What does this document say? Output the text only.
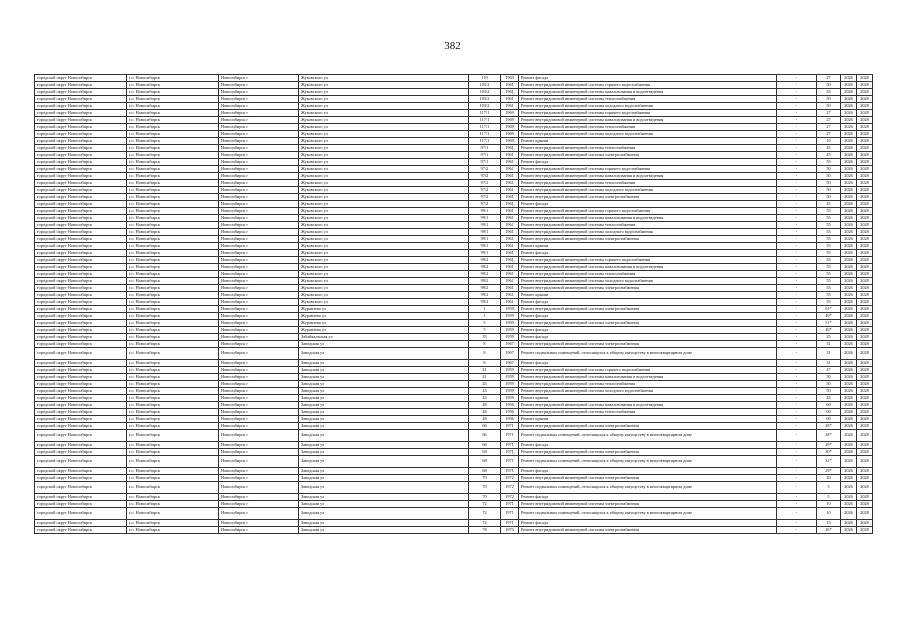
382
городской округ Новосибирск	г.о. Новосибирск	Новосибирск г	Жуковского ул	119	1963	Ремонт фасада	-	27	2026	2028
городской округ Новосибирск	г.о. Новосибирск	Новосибирск г	Жуковского ул	103/2	1961	Ремонт внутридомовой инженерной системы горячего водоснабжения	-	50	2026	2028
городской округ Новосибирск	г.о. Новосибирск	Новосибирск г	Жуковского ул	103/2	1961	Ремонт внутридомовой инженерной системы канализования и водоотведения	-	55	2026	2028
городской округ Новосибирск	г.о. Новосибирск	Новосибирск г	Жуковского ул	103/2	1961	Ремонт внутридомовой инженерной системы теплоснабжения	-	50	2026	2028
городской округ Новосибирск	г.о. Новосибирск	Новосибирск г	Жуковского ул	103/2	1961	Ремонт внутридомовой инженерной системы холодного водоснабжения	-	50	2026	2028
городской округ Новосибирск	г.о. Новосибирск	Новосибирск г	Жуковского ул	117/1	1969	Ремонт внутридомовой инженерной системы горячего водоснабжения	-	27	2026	2028
городской округ Новосибирск	г.о. Новосибирск	Новосибирск г	Жуковского ул	117/1	1969	Ремонт внутридомовой инженерной системы канализования и водоотведения	-	27	2026	2028
городской округ Новосибирск	г.о. Новосибирск	Новосибирск г	Жуковского ул	117/1	1969	Ремонт внутридомовой инженерной системы теплоснабжения	-	27	2026	2028
городской округ Новосибирск	г.о. Новосибирск	Новосибирск г	Жуковского ул	117/1	1969	Ремонт внутридомовой инженерной системы холодного водоснабжения	-	27	2026	2028
городской округ Новосибирск	г.о. Новосибирск	Новосибирск г	Жуковского ул	117/1	1969	Ремонт крыши	-	10	2026	2028
городской округ Новосибирск	г.о. Новосибирск	Новосибирск г	Жуковского ул	97/1	1961	Ремонт внутридомовой инженерной системы теплоснабжения	-	45	2026	2028
городской округ Новосибирск	г.о. Новосибирск	Новосибирск г	Жуковского ул	97/1	1961	Ремонт внутридомовой инженерной системы электроснабжения	-	45	2026	2028
городской округ Новосибирск	г.о. Новосибирск	Новосибирск г	Жуковского ул	97/1	1961	Ремонт фасада	-	55	2026	2028
городской округ Новосибирск	г.о. Новосибирск	Новосибирск г	Жуковского ул	97/2	1961	Ремонт внутридомовой инженерной системы горячего водоснабжения	-	50	2026	2028
городской округ Новосибирск	г.о. Новосибирск	Новосибирск г	Жуковского ул	97/2	1961	Ремонт внутридомовой инженерной системы канализования и водоотведения	-	50	2026	2028
городской округ Новосибирск	г.о. Новосибирск	Новосибирск г	Жуковского ул	97/2	1961	Ремонт внутридомовой инженерной системы теплоснабжения	-	50	2026	2028
городской округ Новосибирск	г.о. Новосибирск	Новосибирск г	Жуковского ул	97/2	1961	Ремонт внутридомовой инженерной системы холодного водоснабжения	-	50	2026	2028
городской округ Новосибирск	г.о. Новосибирск	Новосибирск г	Жуковского ул	97/2	1961	Ремонт внутридомовой инженерной системы электроснабжения	-	50	2026	2028
городской округ Новосибирск	г.о. Новосибирск	Новосибирск г	Жуковского ул	97/2	1961	Ремонт фасада	-	45	2026	2028
городской округ Новосибирск	г.о. Новосибирск	Новосибирск г	Жуковского ул	99/1	1961	Ремонт внутридомовой инженерной системы горячего водоснабжения	-	55	2026	2028
городской округ Новосибирск	г.о. Новосибирск	Новосибирск г	Жуковского ул	99/1	1961	Ремонт внутридомовой инженерной системы канализования и водоотведения	-	55	2026	2028
городской округ Новосибирск	г.о. Новосибирск	Новосибирск г	Жуковского ул	99/1	1961	Ремонт внутридомовой инженерной системы теплоснабжения	-	55	2026	2028
городской округ Новосибирск	г.о. Новосибирск	Новосибирск г	Жуковского ул	99/1	1961	Ремонт внутридомовой инженерной системы холодного водоснабжения	-	55	2026	2028
городской округ Новосибирск	г.о. Новосибирск	Новосибирск г	Жуковского ул	99/1	1961	Ремонт внутридомовой инженерной системы электроснабжения	-	55	2026	2028
городской округ Новосибирск	г.о. Новосибирск	Новосибирск г	Жуковского ул	99/1	1961	Ремонт крыши	-	55	2026	2028
городской округ Новосибирск	г.о. Новосибирск	Новосибирск г	Жуковского ул	99/1	1961	Ремонт фасада	-	55	2026	2028
городской округ Новосибирск	г.о. Новосибирск	Новосибирск г	Жуковского ул	99/2	1961	Ремонт внутридомовой инженерной системы горячего водоснабжения	-	55	2026	2028
городской округ Новосибирск	г.о. Новосибирск	Новосибирск г	Жуковского ул	99/2	1961	Ремонт внутридомовой инженерной системы канализования и водоотведения	-	55	2026	2028
городской округ Новосибирск	г.о. Новосибирск	Новосибирск г	Жуковского ул	99/2	1961	Ремонт внутридомовой инженерной системы теплоснабжения	-	55	2026	2028
городской округ Новосибирск	г.о. Новосибирск	Новосибирск г	Жуковского ул	99/2	1961	Ремонт внутридомовой инженерной системы холодного водоснабжения	-	55	2026	2028
городской округ Новосибирск	г.о. Новосибирск	Новосибирск г	Жуковского ул	99/2	1961	Ремонт внутридомовой инженерной системы электроснабжения	-	55	2026	2028
городской округ Новосибирск	г.о. Новосибирск	Новосибирск г	Жуковского ул	99/2	1961	Ремонт крыши	-	55	2026	2028
городской округ Новосибирск	г.о. Новосибирск	Новосибирск г	Жуковского ул	99/2	1961	Ремонт фасада	-	55	2026	2028
городской округ Новосибирск	г.о. Новосибирск	Новосибирск г	Журавлева ул	1	1959	Ремонт внутридомовой инженерной системы электроснабжения	-	51*	2026	2028
городской округ Новосибирск	г.о. Новосибирск	Новосибирск г	Журавлева ул	1	1959	Ремонт фасада	-	49*	2026	2028
городской округ Новосибирск	г.о. Новосибирск	Новосибирск г	Журавлева ул	5	1959	Ремонт внутридомовой инженерной системы электроснабжения	-	51*	2026	2028
городской округ Новосибирск	г.о. Новосибирск	Новосибирск г	Журавлева ул	5	1959	Ремонт фасада	-	49*	2026	2028
городской округ Новосибирск	г.о. Новосибирск	Новосибирск г	Забайкальская ул	33	1959	Ремонт фасада	-	25	2026	2028
городской округ Новосибирск	г.о. Новосибирск	Новосибирск г	Заводская ул	8	1967	Ремонт внутридомовой инженерной системы электроснабжения	-	31	2026	2028
городской округ Новосибирск	г.о. Новосибирск	Новосибирск г	Заводская ул	8	1967	Ремонт подвальных помещений, относящихся к общему имуществу в многоквартирном доме	-	31	2026	2028
городской округ Новосибирск	г.о. Новосибирск	Новосибирск г	Заводская ул	8	1967	Ремонт фасада	-	31	2026	2028
городской округ Новосибирск	г.о. Новосибирск	Новосибирск г	Заводская ул	41	1959	Ремонт внутридомовой инженерной системы горячего водоснабжения	-	47	2026	2028
городской округ Новосибирск	г.о. Новосибирск	Новосибирск г	Заводская ул	41	1959	Ремонт внутридомовой инженерной системы канализования и водоотведения	-	50	2026	2028
городской округ Новосибирск	г.о. Новосибирск	Новосибирск г	Заводская ул	43	1959	Ремонт внутридомовой инженерной системы теплоснабжения	-	50	2026	2028
городской округ Новосибирск	г.о. Новосибирск	Новосибирск г	Заводская ул	43	1959	Ремонт внутридомовой инженерной системы холодного водоснабжения	-	50	2026	2028
городской округ Новосибирск	г.о. Новосибирск	Новосибирск г	Заводская ул	43	1959	Ремонт крыши	-	45	2026	2028
городской округ Новосибирск	г.о. Новосибирск	Новосибирск г	Заводская ул	48	1956	Ремонт внутридомовой инженерной системы канализования и водоотведения	-	60	2026	2028
городской округ Новосибирск	г.о. Новосибирск	Новосибирск г	Заводская ул	48	1956	Ремонт внутридомовой инженерной системы теплоснабжения	-	60	2026	2028
городской округ Новосибирск	г.о. Новосибирск	Новосибирск г	Заводская ул	48	1956	Ремонт крыши	-	60	2026	2028
городской округ Новосибирск	г.о. Новосибирск	Новосибирск г	Заводская ул	66	1971	Ремонт внутридомовой инженерной системы электроснабжения	-	28*	2026	2028
городской округ Новосибирск	г.о. Новосибирск	Новосибирск г	Заводская ул	66	1971	Ремонт подвальных помещений, относящихся к общему имуществу в многоквартирном доме	-	28*	2026	2028
городской округ Новосибирск	г.о. Новосибирск	Новосибирск г	Заводская ул	66	1971	Ремонт фасада	-	29*	2026	2028
городской округ Новосибирск	г.о. Новосибирск	Новосибирск г	Заводская ул	68	1971	Ремонт внутридомовой инженерной системы электроснабжения	-	30*	2026	2028
городской округ Новосибирск	г.о. Новосибирск	Новосибирск г	Заводская ул	68	1971	Ремонт подвальных помещений, относящихся к общему имуществу в многоквартирном доме	-	31*	2026	2028
городской округ Новосибирск	г.о. Новосибирск	Новосибирск г	Заводская ул	68	1971	Ремонт фасада	-	29*	2026	2028
городской округ Новосибирск	г.о. Новосибирск	Новосибирск г	Заводская ул	70	1972	Ремонт внутридомовой инженерной системы электроснабжения	-	20	2026	2028
городской округ Новосибирск	г.о. Новосибирск	Новосибирск г	Заводская ул	70	1972	Ремонт подвальных помещений, относящихся к общему имуществу в многоквартирном доме	-	5	2026	2028
городской округ Новосибирск	г.о. Новосибирск	Новосибирск г	Заводская ул	70	1972	Ремонт фасада	-	5	2026	2028
городской округ Новосибирск	г.о. Новосибирск	Новосибирск г	Заводская ул	72	1971	Ремонт внутридомовой инженерной системы электроснабжения	-	10	2026	2028
городской округ Новосибирск	г.о. Новосибирск	Новосибирск г	Заводская ул	72	1971	Ремонт подвальных помещений, относящихся к общему имуществу в многоквартирном доме	-	10	2026	2028
городской округ Новосибирск	г.о. Новосибирск	Новосибирск г	Заводская ул	72	1971	Ремонт фасада	-	15	2026	2028
городской округ Новосибирск	г.о. Новосибирск	Новосибирск г	Заводская ул	78	1973	Ремонт внутридомовой инженерной системы электроснабжения	-	26*	2026	2028
